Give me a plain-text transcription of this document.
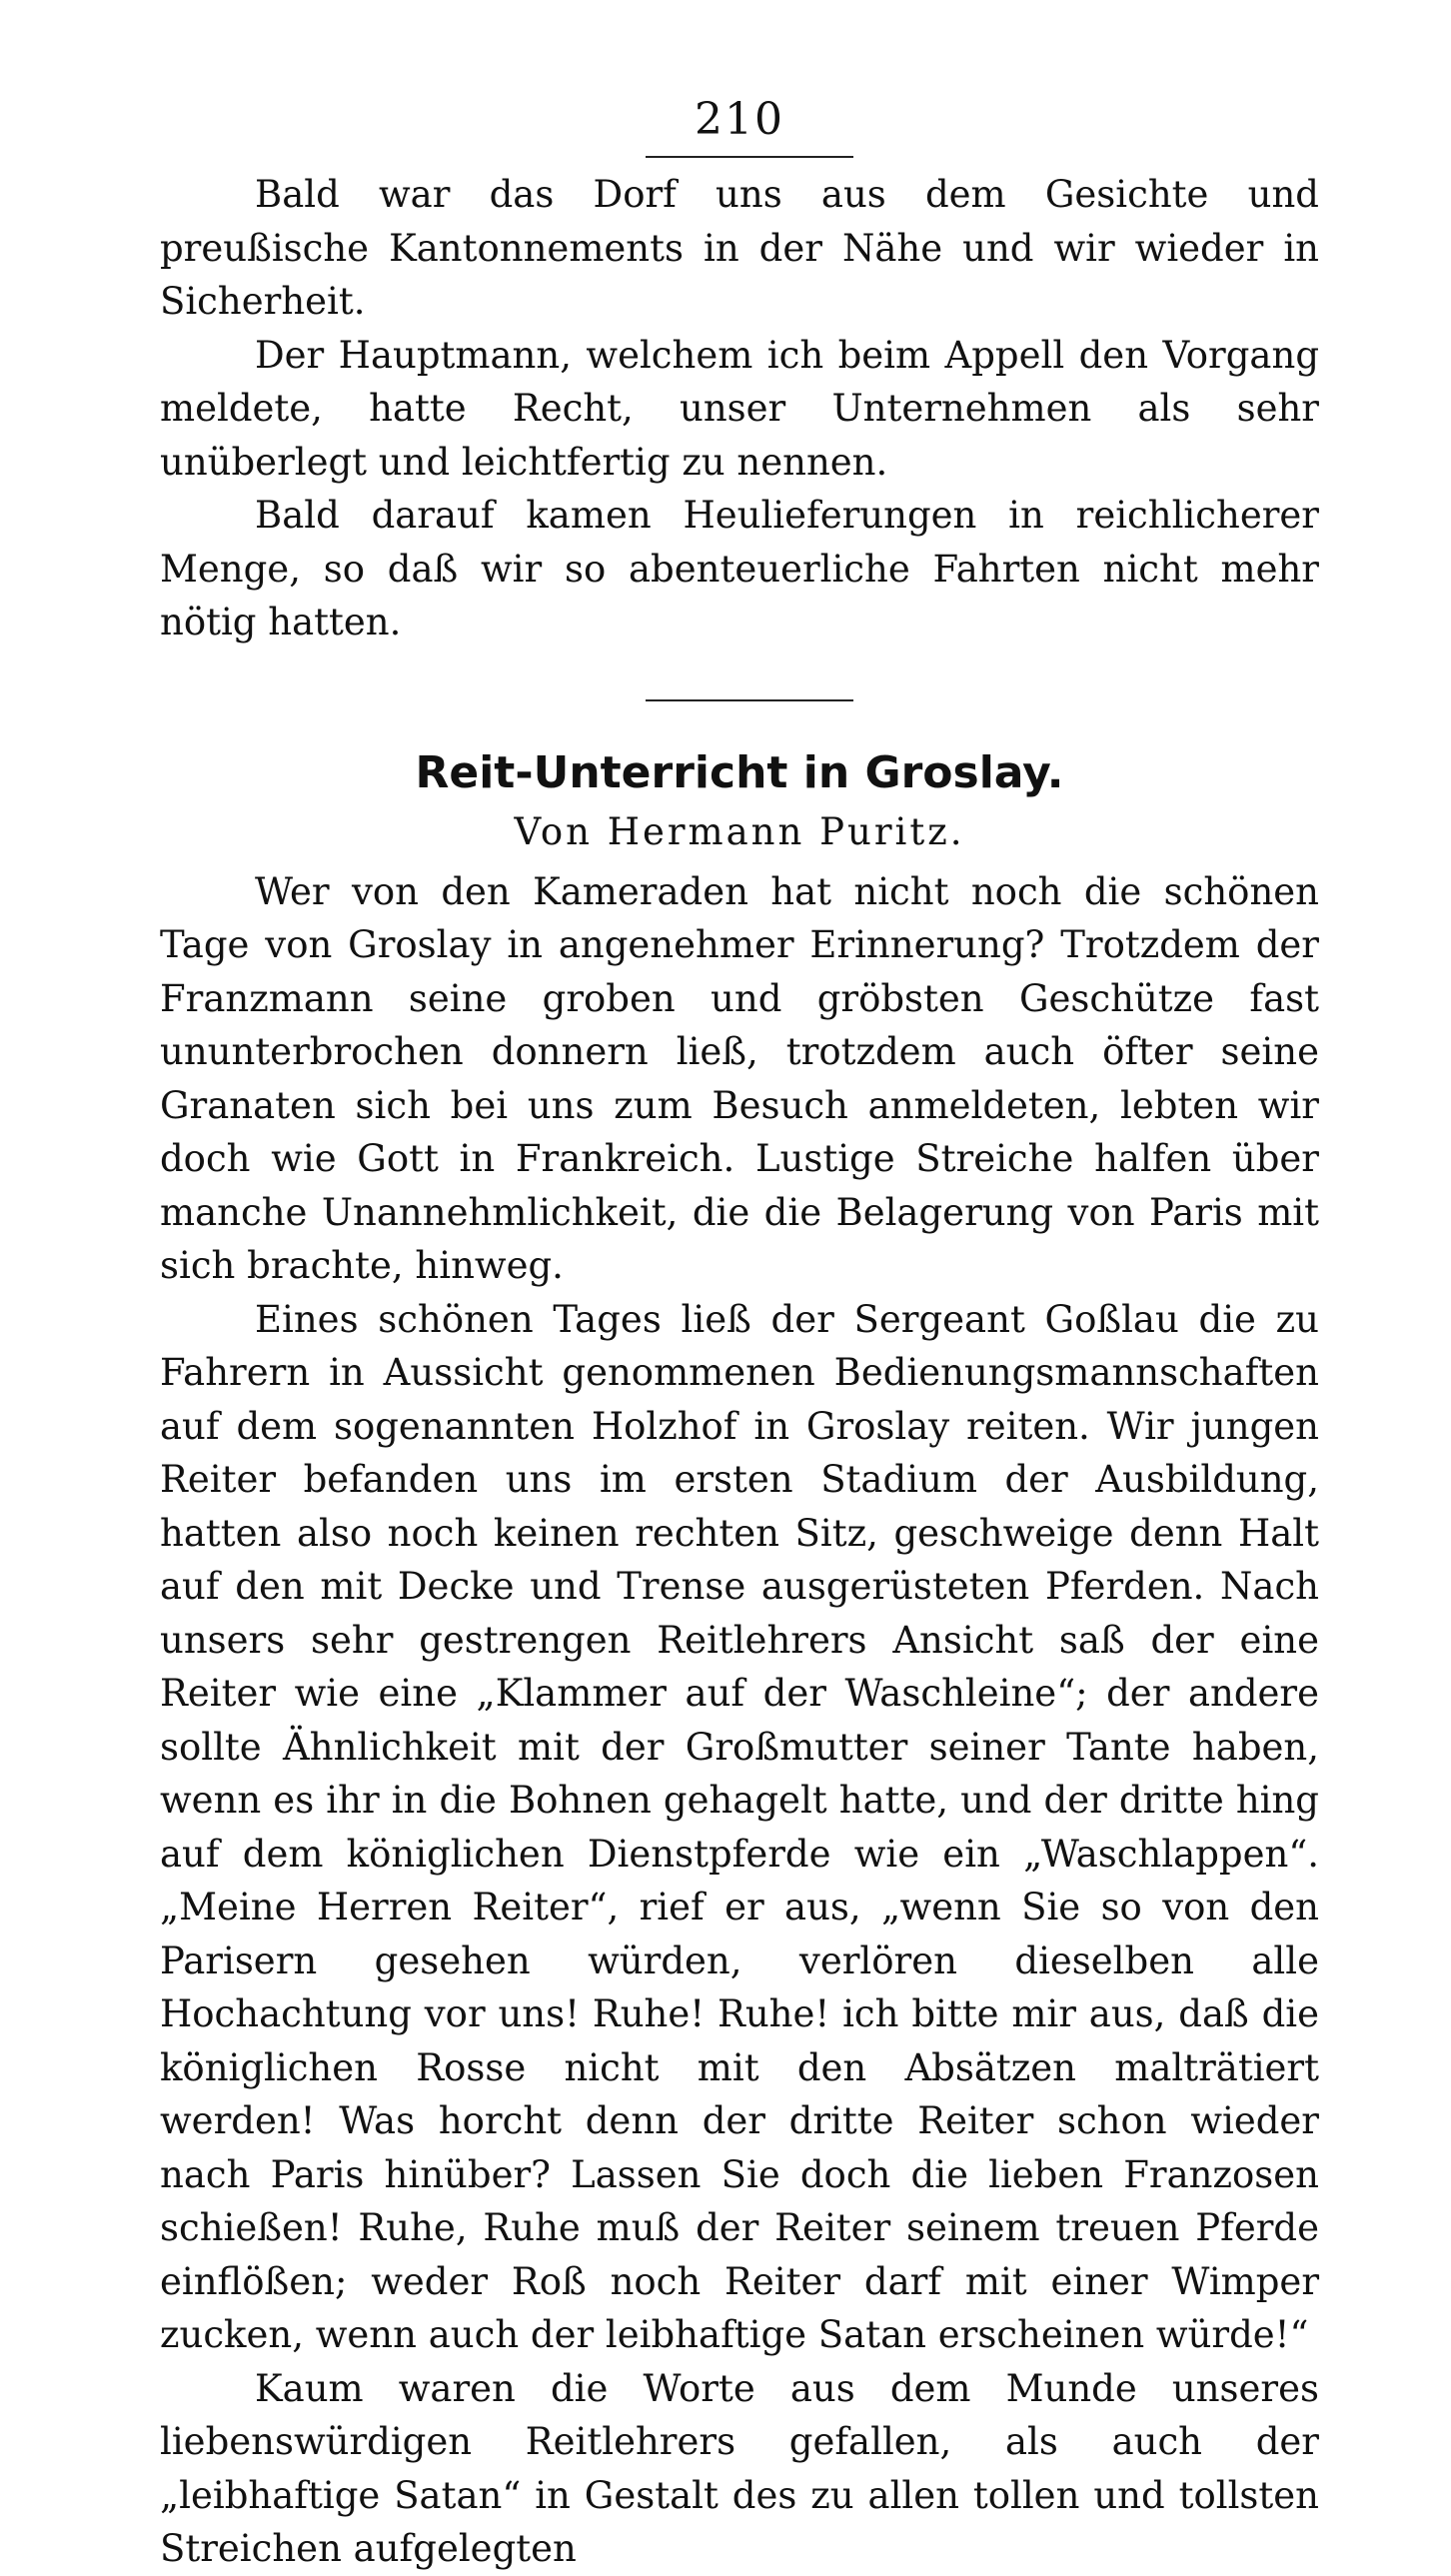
210

Bald war das Dorf uns aus dem Gesichte und preußische Kantonnements in der Nähe und wir wieder in Sicherheit.

Der Hauptmann, welchem ich beim Appell den Vorgang meldete, hatte Recht, unser Unternehmen als sehr unüberlegt und leichtfertig zu nennen.

Bald darauf kamen Heulieferungen in reichlicherer Menge, so daß wir so abenteuerliche Fahrten nicht mehr nötig hatten.

Reit-Unterricht in Groslay.
Von Hermann Puritz.

Wer von den Kameraden hat nicht noch die schönen Tage von Groslay in angenehmer Erinnerung? Trotzdem der Franzmann seine groben und gröbsten Geschütze fast ununterbrochen donnern ließ, trotzdem auch öfter seine Granaten sich bei uns zum Besuch anmeldeten, lebten wir doch wie Gott in Frankreich. Lustige Streiche halfen über manche Unannehmlichkeit, die die Belagerung von Paris mit sich brachte, hinweg.

Eines schönen Tages ließ der Sergeant Goßlau die zu Fahrern in Aussicht genommenen Bedienungsmannschaften auf dem sogenannten Holzhof in Groslay reiten. Wir jungen Reiter befanden uns im ersten Stadium der Ausbildung, hatten also noch keinen rechten Sitz, geschweige denn Halt auf den mit Decke und Trense ausgerüsteten Pferden. Nach unsers sehr gestrengen Reitlehrers Ansicht saß der eine Reiter wie eine „Klammer auf der Waschleine“; der andere sollte Ähnlichkeit mit der Großmutter seiner Tante haben, wenn es ihr in die Bohnen gehagelt hatte, und der dritte hing auf dem königlichen Dienstpferde wie ein „Waschlappen“. „Meine Herren Reiter“, rief er aus, „wenn Sie so von den Parisern gesehen würden, verlören dieselben alle Hochachtung vor uns! Ruhe! Ruhe! ich bitte mir aus, daß die königlichen Rosse nicht mit den Absätzen malträtiert werden! Was horcht denn der dritte Reiter schon wieder nach Paris hinüber? Lassen Sie doch die lieben Franzosen schießen! Ruhe, Ruhe muß der Reiter seinem treuen Pferde einflößen; weder Roß noch Reiter darf mit einer Wimper zucken, wenn auch der leibhaftige Satan erscheinen würde!“

Kaum waren die Worte aus dem Munde unseres liebenswürdigen Reitlehrers gefallen, als auch der „leibhaftige Satan“ in Gestalt des zu allen tollen und tollsten Streichen aufgelegten
